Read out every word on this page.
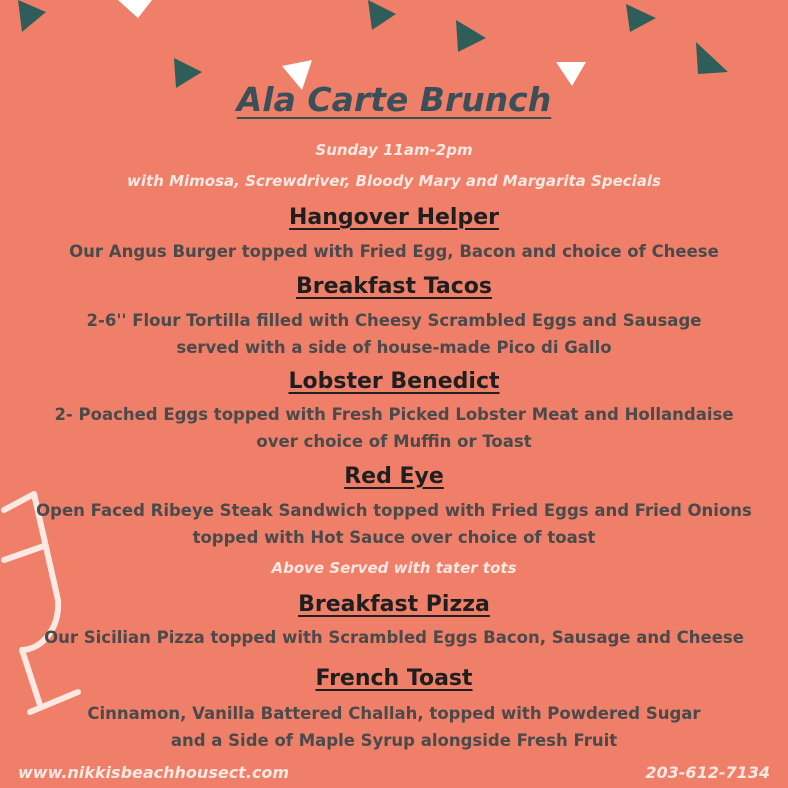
Ala Carte Brunch
Sunday 11am-2pm
with Mimosa, Screwdriver, Bloody Mary and Margarita Specials
Hangover Helper
Our Angus Burger topped with Fried Egg, Bacon and choice of Cheese
Breakfast Tacos
2-6'' Flour Tortilla filled with Cheesy Scrambled Eggs and Sausage
served with a side of house-made Pico di Gallo
Lobster Benedict
2- Poached Eggs topped with Fresh Picked Lobster Meat and Hollandaise
over choice of Muffin or Toast
Red Eye
Open Faced Ribeye Steak Sandwich topped with Fried Eggs and Fried Onions
topped with Hot Sauce over choice of toast
Above Served with tater tots
Breakfast Pizza
Our Sicilian Pizza topped with Scrambled Eggs Bacon, Sausage and Cheese
French Toast
Cinnamon, Vanilla Battered Challah, topped with Powdered Sugar
and a Side of Maple Syrup alongside Fresh Fruit
www.nikkisbeachhousect.com	203-612-7134
